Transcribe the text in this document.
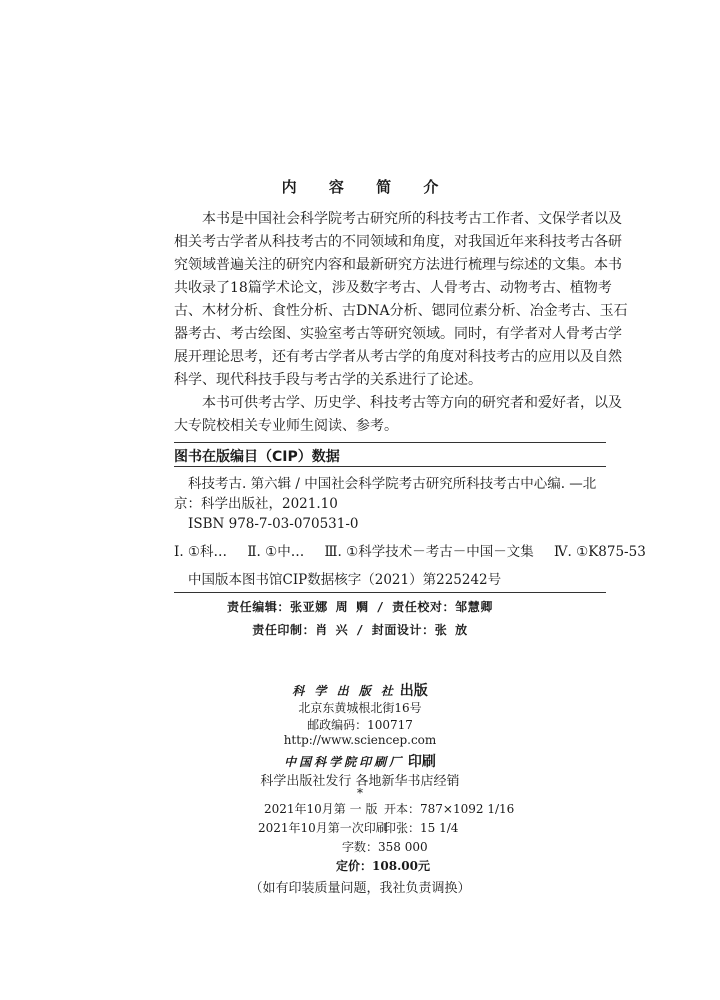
内 容 简 介

本书是中国社会科学院考古研究所的科技考古工作者、文保学者以及
相关考古学者从科技考古的不同领域和角度，对我国近年来科技考古各研
究领域普遍关注的研究内容和最新研究方法进行梳理与综述的文集。本书
共收录了18篇学术论文，涉及数字考古、人骨考古、动物考古、植物考
古、木材分析、食性分析、古DNA分析、锶同位素分析、冶金考古、玉石
器考古、考古绘图、实验室考古等研究领域。同时，有学者对人骨考古学
展开理论思考，还有考古学者从考古学的角度对科技考古的应用以及自然
科学、现代科技手段与考古学的关系进行了论述。

本书可供考古学、历史学、科技考古等方向的研究者和爱好者，以及
大专院校相关专业师生阅读、参考。

图书在版编目（CIP）数据
科技考古. 第六辑 / 中国社会科学院考古研究所科技考古中心编. —北
京：科学出版社，2021.10
ISBN 978-7-03-070531-0
Ⅰ. ①科… Ⅱ. ①中… Ⅲ. ①科学技术－考古－中国－文集 Ⅳ. ①K875-53
中国版本图书馆CIP数据核字（2021）第225242号
责任编辑：张亚娜 周 赒 / 责任校对：邹慧卿
责任印制：肖 兴 / 封面设计：张 放
科 学 出 版 社 出版
北京东黄城根北街16号
邮政编码：100717
http://www.sciencep.com
中国科学院印刷厂 印刷
科学出版社发行 各地新华书店经销
*
2021年10月第 一 版 开本：787×1092 1/16
2021年10月第一次印刷
印张：15 1/4
字数：358 000
定价：108.00元
（如有印装质量问题，我社负责调换）
